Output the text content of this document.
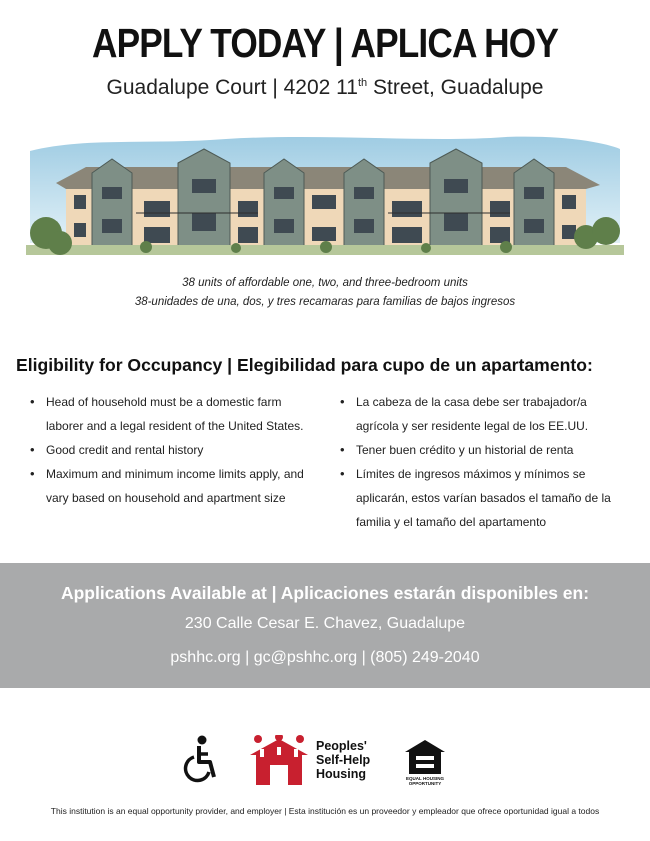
APPLY TODAY | APLICA HOY
Guadalupe Court | 4202 11th Street, Guadalupe
38 units of affordable one, two, and three-bedroom units
38-unidades de una, dos, y tres recamaras para familias de bajos ingresos
Eligibility for Occupancy | Elegibilidad para cupo de un apartamento:
• Head of household must be a domestic farm laborer and a legal resident of the United States.
• Good credit and rental history
• Maximum and minimum income limits apply, and vary based on household and apartment size
• La cabeza de la casa debe ser trabajador/a agrícola y ser residente legal de los EE.UU.
• Tener buen crédito y un historial de renta
• Límites de ingresos máximos y mínimos se aplicarán, estos varían basados el tamaño de la familia y el tamaño del apartamento
Applications Available at | Aplicaciones estarán disponibles en:
230 Calle Cesar E. Chavez, Guadalupe
pshhc.org | gc@pshhc.org | (805) 249-2040
Peoples'
Self-Help
Housing	EQUAL HOUSING OPPORTUNITY
This institution is an equal opportunity provider, and employer | Esta institución es un proveedor y empleador que ofrece oportunidad igual a todos
